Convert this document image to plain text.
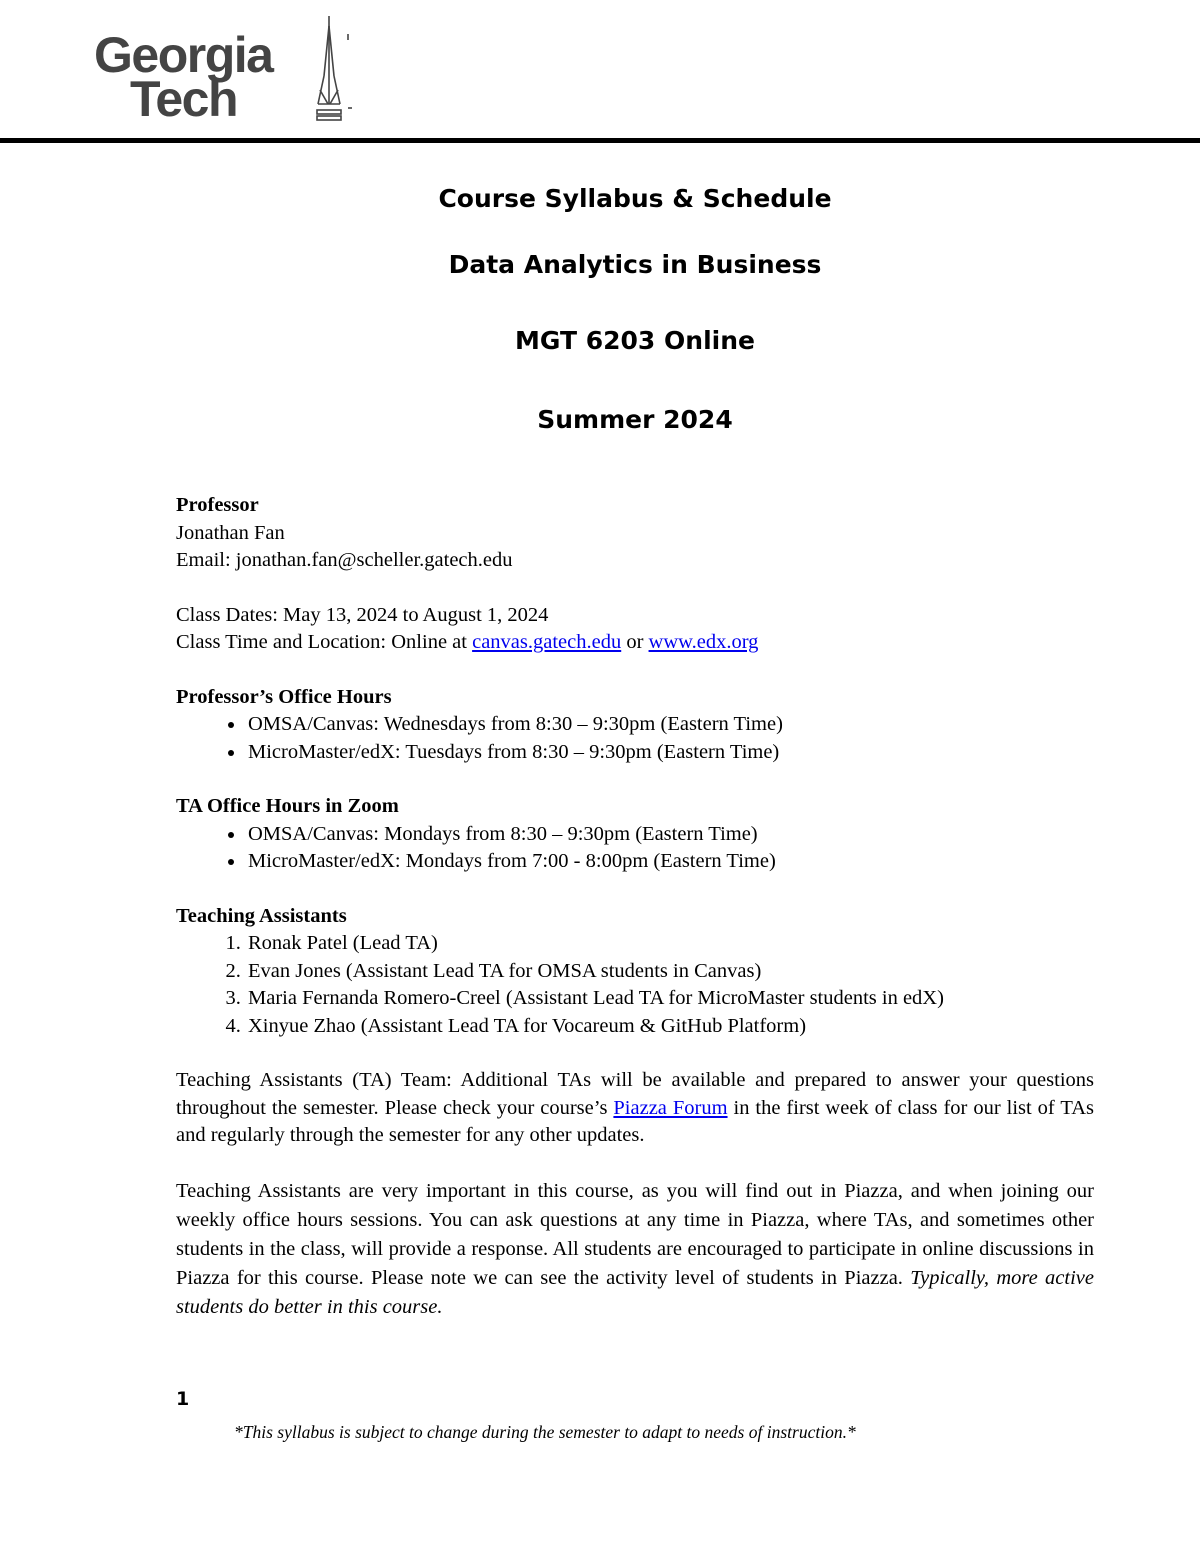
Georgia
Tech
Course Syllabus & Schedule
Data Analytics in Business
MGT 6203 Online
Summer 2024

Professor

Jonathan Fan

Email: jonathan.fan@scheller.gatech.edu

Class Dates: May 13, 2024 to August 1, 2024

Class Time and Location: Online at canvas.gatech.edu or www.edx.org

Professor’s Office Hours

• OMSA/Canvas: Wednesdays from 8:30 – 9:30pm (Eastern Time)
• MicroMaster/edX: Tuesdays from 8:30 – 9:30pm (Eastern Time)

TA Office Hours in Zoom

• OMSA/Canvas: Mondays from 8:30 – 9:30pm (Eastern Time)
• MicroMaster/edX: Mondays from 7:00 - 8:00pm (Eastern Time)

Teaching Assistants

1. Ronak Patel (Lead TA)
2. Evan Jones (Assistant Lead TA for OMSA students in Canvas)
3. Maria Fernanda Romero-Creel (Assistant Lead TA for MicroMaster students in edX)
4. Xinyue Zhao (Assistant Lead TA for Vocareum & GitHub Platform)

Teaching Assistants (TA) Team: Additional TAs will be available and prepared to answer your questions throughout the semester. Please check your course’s Piazza Forum in the first week of class for our list of TAs and regularly through the semester for any other updates.

Teaching Assistants are very important in this course, as you will find out in Piazza, and when joining our weekly office hours sessions. You can ask questions at any time in Piazza, where TAs, and sometimes other students in the class, will provide a response. All students are encouraged to participate in online discussions in Piazza for this course. Please note we can see the activity level of students in Piazza. Typically, more active students do better in this course.

1
*This syllabus is subject to change during the semester to adapt to needs of instruction.*
